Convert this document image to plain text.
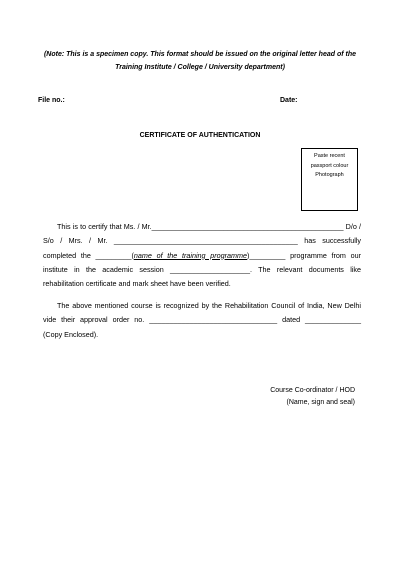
(Note: This is a specimen copy. This format should be issued on the original letter head of the
Training Institute / College / University department)
File no.:	Date:
CERTIFICATE OF AUTHENTICATION
Paste recent
passport colour
Photograph
This is to certify that Ms. / Mr.________________________________________________ D/o / S/o / Mrs. / Mr. ______________________________________________ has successfully completed the _________(name of the training programme)_________ programme from our institute in the academic session ____________________. The relevant documents like rehabilitation certificate and mark sheet have been verified.
The above mentioned course is recognized by the Rehabilitation Council of India, New Delhi vide their approval order no. ________________________________ dated ______________ (Copy Enclosed).
Course Co-ordinator / HOD
(Name, sign and seal)
